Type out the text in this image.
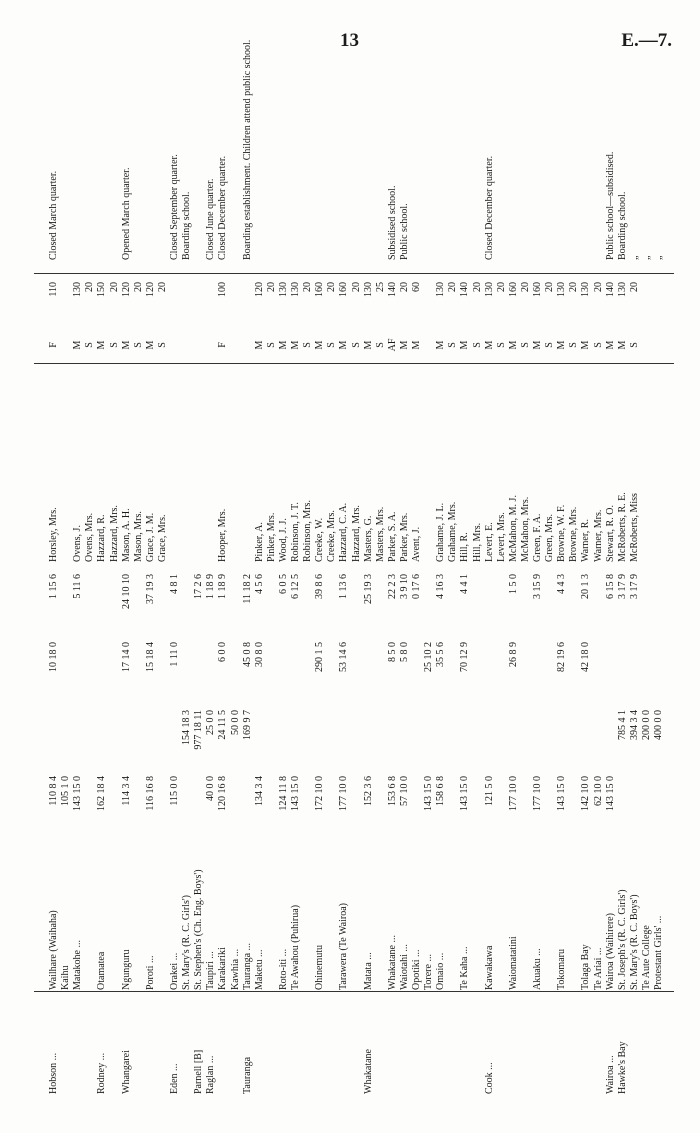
13	E.—7.
Hobson ...
Wailhare (Waihaha)
110 8 4
10 18 0
1 15 6
Horsley, Mrs.
F
110
Closed March quarter.
Kaihu
105 1 0
Matakohe ...
143 15 0
5 11 6
Ovens, J.
M
130
Ovens, Mrs.
S
20
Rodney ...
Otamatea
162 18 4
Hazzard, R.
M
150
Hazzard, Mrs.
S
20
Whangarei
Ngunguru
114 3 4
17 14 0
24 10 10
Mason, A. H.
M
120
Opened March quarter.
Mason, Mrs.
S
20
Poroti ...
116 16 8
15 18 4
37 19 3
Grace, J. M.
M
120
Grace, Mrs.
S
20
Eden ...
Orakei ...
115 0 0
1 11 0
4 8 1
Closed September quarter.
St. Mary's (R. C. Girls')
154 18 3
Boarding school.
Parnell [B]
St. Stephen's (Ch. Eng. Boys')
977 18 11
17 2 6
Raglan ...
Taupiri ...
40 0 0
25 0 0
1 18 9
Closed June quarter.
Karakariki
120 16 8
24 11 5
6 0 0
1 18 9
Hooper, Mrs.
F
100
Closed December quarter.
Kawhia ...
50 0 0
Tauranga
Tauranga ...
169 9 7
45 0 8
11 18 2
Boarding establishment. Children attend public school.
Maketu ...
134 3 4
30 8 0
4 5 6
Pinker, A.
M
120
Pinker, Mrs.
S
20
Roto-iti ...
124 11 8
6 0 5
Wood, J. J.
M
130
Te Awahou (Puhirua)
143 15 0
6 12 5
Robinson, J. T.
M
130
Robinson, Mrs.
S
20
Ohinemutu
172 10 0
290 1 5
39 8 6
Creeke, W.
M
160
Creeke, Mrs.
S
20
Tarawera (Te Wairoa)
177 10 0
53 14 6
1 13 6
Hazzard, C. A.
M
160
Hazzard, Mrs.
S
20
Whakatane
Matata ...
152 3 6
25 19 3
Masters, G.
M
130
Masters, Mrs.
S
25
Whakatane ...
153 6 8
8 5 0
22 2 3
Parker, S. A.
AF
140
Subsidised school.
Waiotahi ...
57 10 0
5 8 0
3 9 10
Parker, Mrs.
M
20
Public school.
Opotiki ...
0 17 6
Avent, J.
M
60
Torere ...
143 15 0
25 10 2
Omaio ...
158 6 8
35 5 6
4 16 3
Grahame, J. L.
M
130
Grahame, Mrs.
S
20
Te Kaha ...
143 15 0
70 12 9
4 4 1
Hill, R.
M
140
Hill, Mrs.
S
20
Cook ...
Kawakawa
121 5 0
Levert, E.
M
130
Closed December quarter.
Levert, Mrs.
S
20
Waiomatatini
177 10 0
26 8 9
1 5 0
McMahon, M. J.
M
160
McMahon, Mrs.
S
20
Akuaku ...
177 10 0
3 15 9
Green, F. A.
M
160
Green, Mrs.
S
20
Tokomaru
143 15 0
82 19 6
4 4 3
Browne, W. F.
M
130
Browne, Mrs.
S
20
Tolaga Bay
142 10 0
42 18 0
20 1 3
Warner, R.
M
130
Te Ariai ...
62 10 0
Warner, Mrs.
S
20
Wairoa ...
Wairoa (Waihirere)
143 15 0
6 15 8
Stewart, R. O.
M
140
Public school—subsidised.
Hawke's Bay
St. Joseph's (R. C. Girls')
785 4 1
3 17 9
McRoberts, R. E.
M
130
Boarding school.
St. Mary's (R. C. Boys')
394 3 4
3 17 9
McRoberts, Miss
S
20
„
Te Aute College
200 0 0
„
Protestant Girls' ...
400 0 0
„
